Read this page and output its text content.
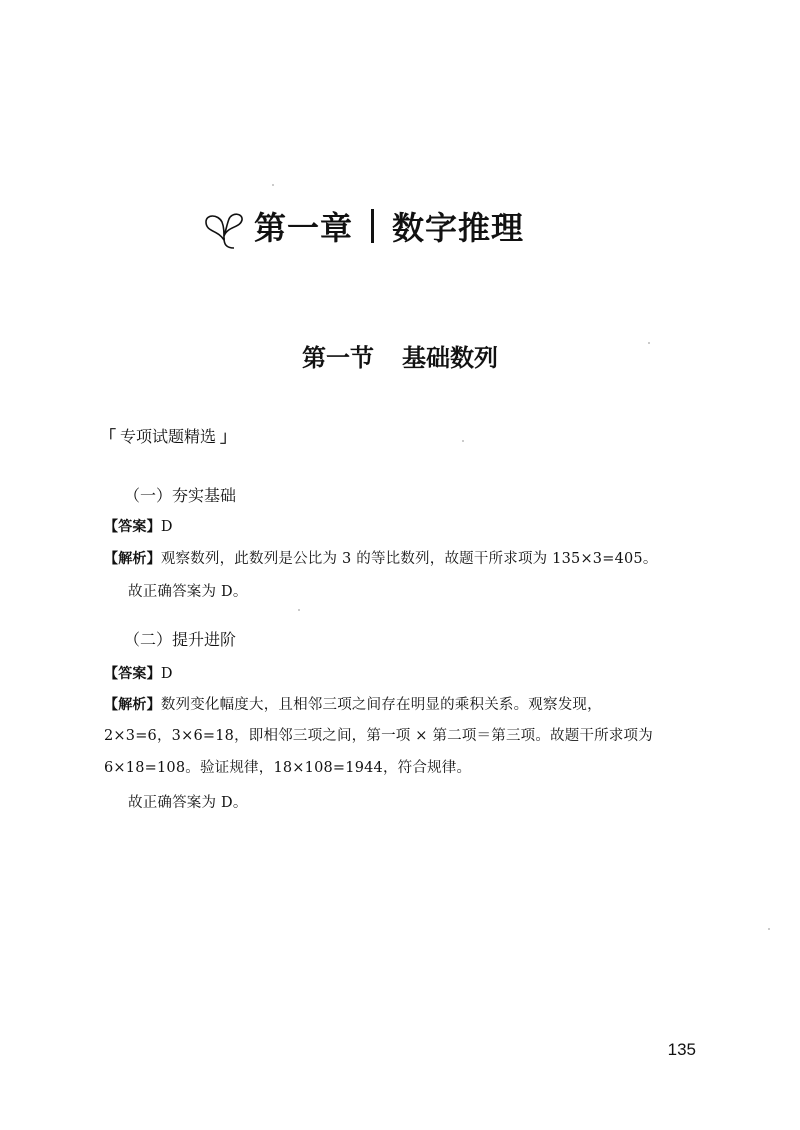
第一章 数字推理
第一节 基础数列
「 专项试题精选 」
（一）夯实基础
【答案】D
【解析】观察数列，此数列是公比为 3 的等比数列，故题干所求项为 135×3=405。
故正确答案为 D。
（二）提升进阶
【答案】D
【解析】数列变化幅度大，且相邻三项之间存在明显的乘积关系。观察发现，
2×3=6，3×6=18，即相邻三项之间，第一项 × 第二项＝第三项。故题干所求项为
6×18=108。验证规律，18×108=1944，符合规律。
故正确答案为 D。
135
